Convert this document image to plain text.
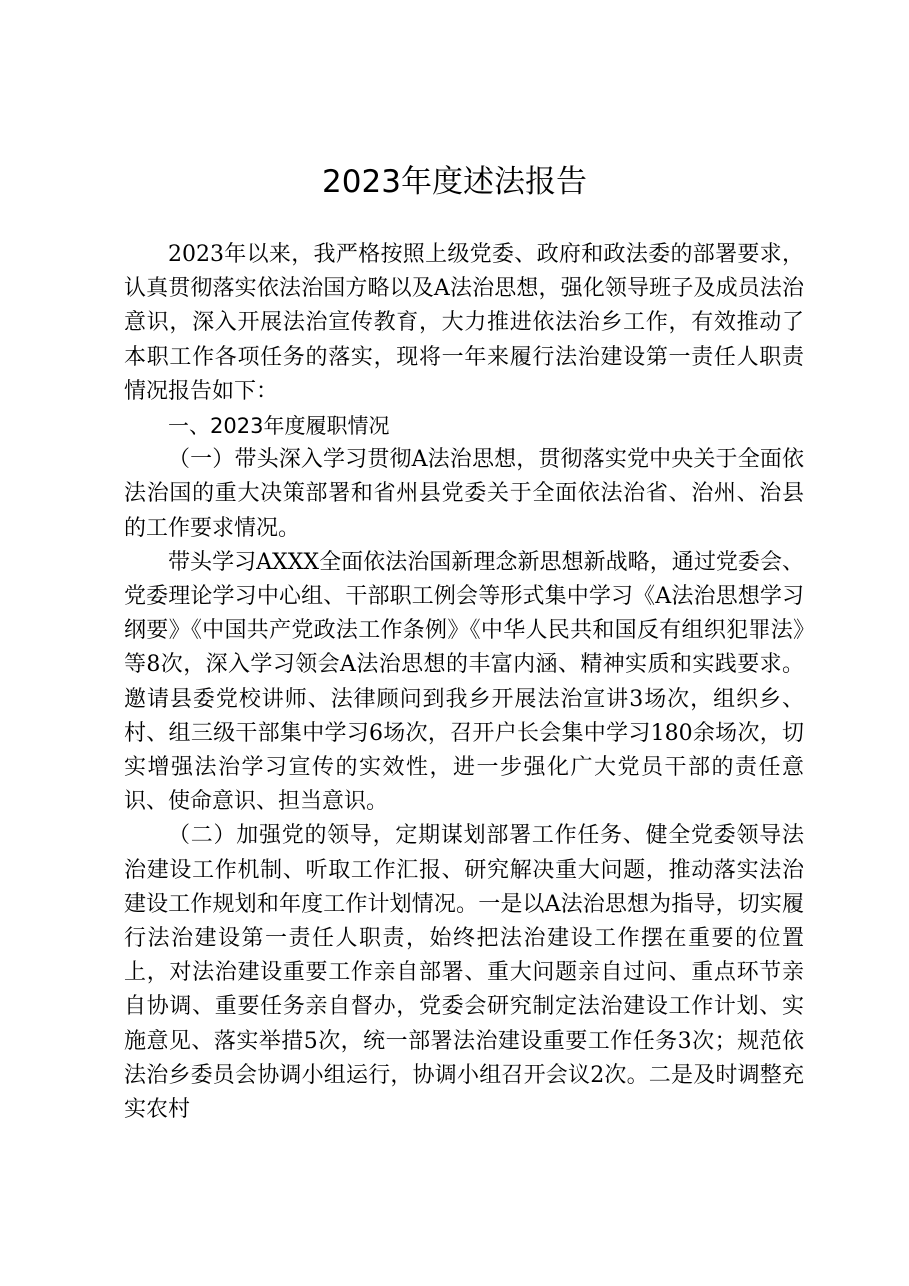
2023年度述法报告

2023年以来，我严格按照上级党委、政府和政法委的部署要求，认真贯彻落实依法治国方略以及A法治思想，强化领导班子及成员法治意识，深入开展法治宣传教育，大力推进依法治乡工作，有效推动了本职工作各项任务的落实，现将一年来履行法治建设第一责任人职责情况报告如下：

一、2023年度履职情况

（一）带头深入学习贯彻A法治思想，贯彻落实党中央关于全面依法治国的重大决策部署和省州县党委关于全面依法治省、治州、治县的工作要求情况。

带头学习AXXX全面依法治国新理念新思想新战略，通过党委会、党委理论学习中心组、干部职工例会等形式集中学习《A法治思想学习纲要》《中国共产党政法工作条例》《中华人民共和国反有组织犯罪法》等8次，深入学习领会A法治思想的丰富内涵、精神实质和实践要求。邀请县委党校讲师、法律顾问到我乡开展法治宣讲3场次，组织乡、村、组三级干部集中学习6场次，召开户长会集中学习180余场次，切实增强法治学习宣传的实效性，进一步强化广大党员干部的责任意识、使命意识、担当意识。

（二）加强党的领导，定期谋划部署工作任务、健全党委领导法治建设工作机制、听取工作汇报、研究解决重大问题，推动落实法治建设工作规划和年度工作计划情况。一是以A法治思想为指导，切实履行法治建设第一责任人职责，始终把法治建设工作摆在重要的位置上，对法治建设重要工作亲自部署、重大问题亲自过问、重点环节亲自协调、重要任务亲自督办，党委会研究制定法治建设工作计划、实施意见、落实举措5次，统一部署法治建设重要工作任务3次；规范依法治乡委员会协调小组运行，协调小组召开会议2次。二是及时调整充实农村
